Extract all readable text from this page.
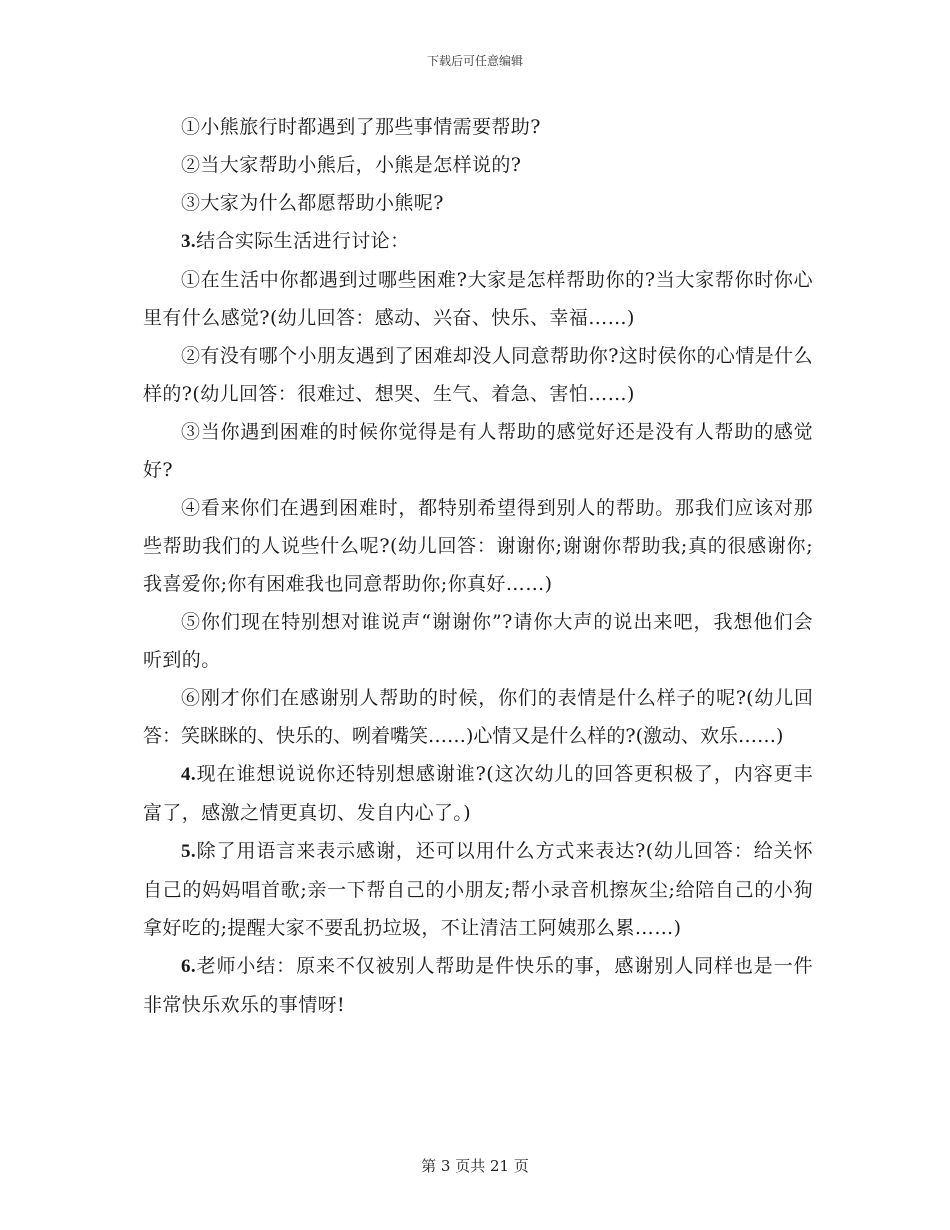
下载后可任意编辑

①小熊旅行时都遇到了那些事情需要帮助?

②当大家帮助小熊后，小熊是怎样说的?

③大家为什么都愿帮助小熊呢?

3.结合实际生活进行讨论：

①在生活中你都遇到过哪些困难?大家是怎样帮助你的?当大家帮你时你心里有什么感觉?(幼儿回答：感动、兴奋、快乐、幸福……)

②有没有哪个小朋友遇到了困难却没人同意帮助你?这时侯你的心情是什么样的?(幼儿回答：很难过、想哭、生气、着急、害怕……)

③当你遇到困难的时候你觉得是有人帮助的感觉好还是没有人帮助的感觉好?

④看来你们在遇到困难时，都特别希望得到别人的帮助。那我们应该对那些帮助我们的人说些什么呢?(幼儿回答：谢谢你;谢谢你帮助我;真的很感谢你;我喜爱你;你有困难我也同意帮助你;你真好……)

⑤你们现在特别想对谁说声“谢谢你”?请你大声的说出来吧，我想他们会听到的。

⑥刚才你们在感谢别人帮助的时候，你们的表情是什么样子的呢?(幼儿回答：笑眯眯的、快乐的、咧着嘴笑……)心情又是什么样的?(激动、欢乐……)

4.现在谁想说说你还特别想感谢谁?(这次幼儿的回答更积极了，内容更丰富了，感激之情更真切、发自内心了。)

5.除了用语言来表示感谢，还可以用什么方式来表达?(幼儿回答：给关怀自己的妈妈唱首歌;亲一下帮自己的小朋友;帮小录音机擦灰尘;给陪自己的小狗拿好吃的;提醒大家不要乱扔垃圾，不让清洁工阿姨那么累……)

6.老师小结：原来不仅被别人帮助是件快乐的事，感谢别人同样也是一件非常快乐欢乐的事情呀!

第 3 页共 21 页
